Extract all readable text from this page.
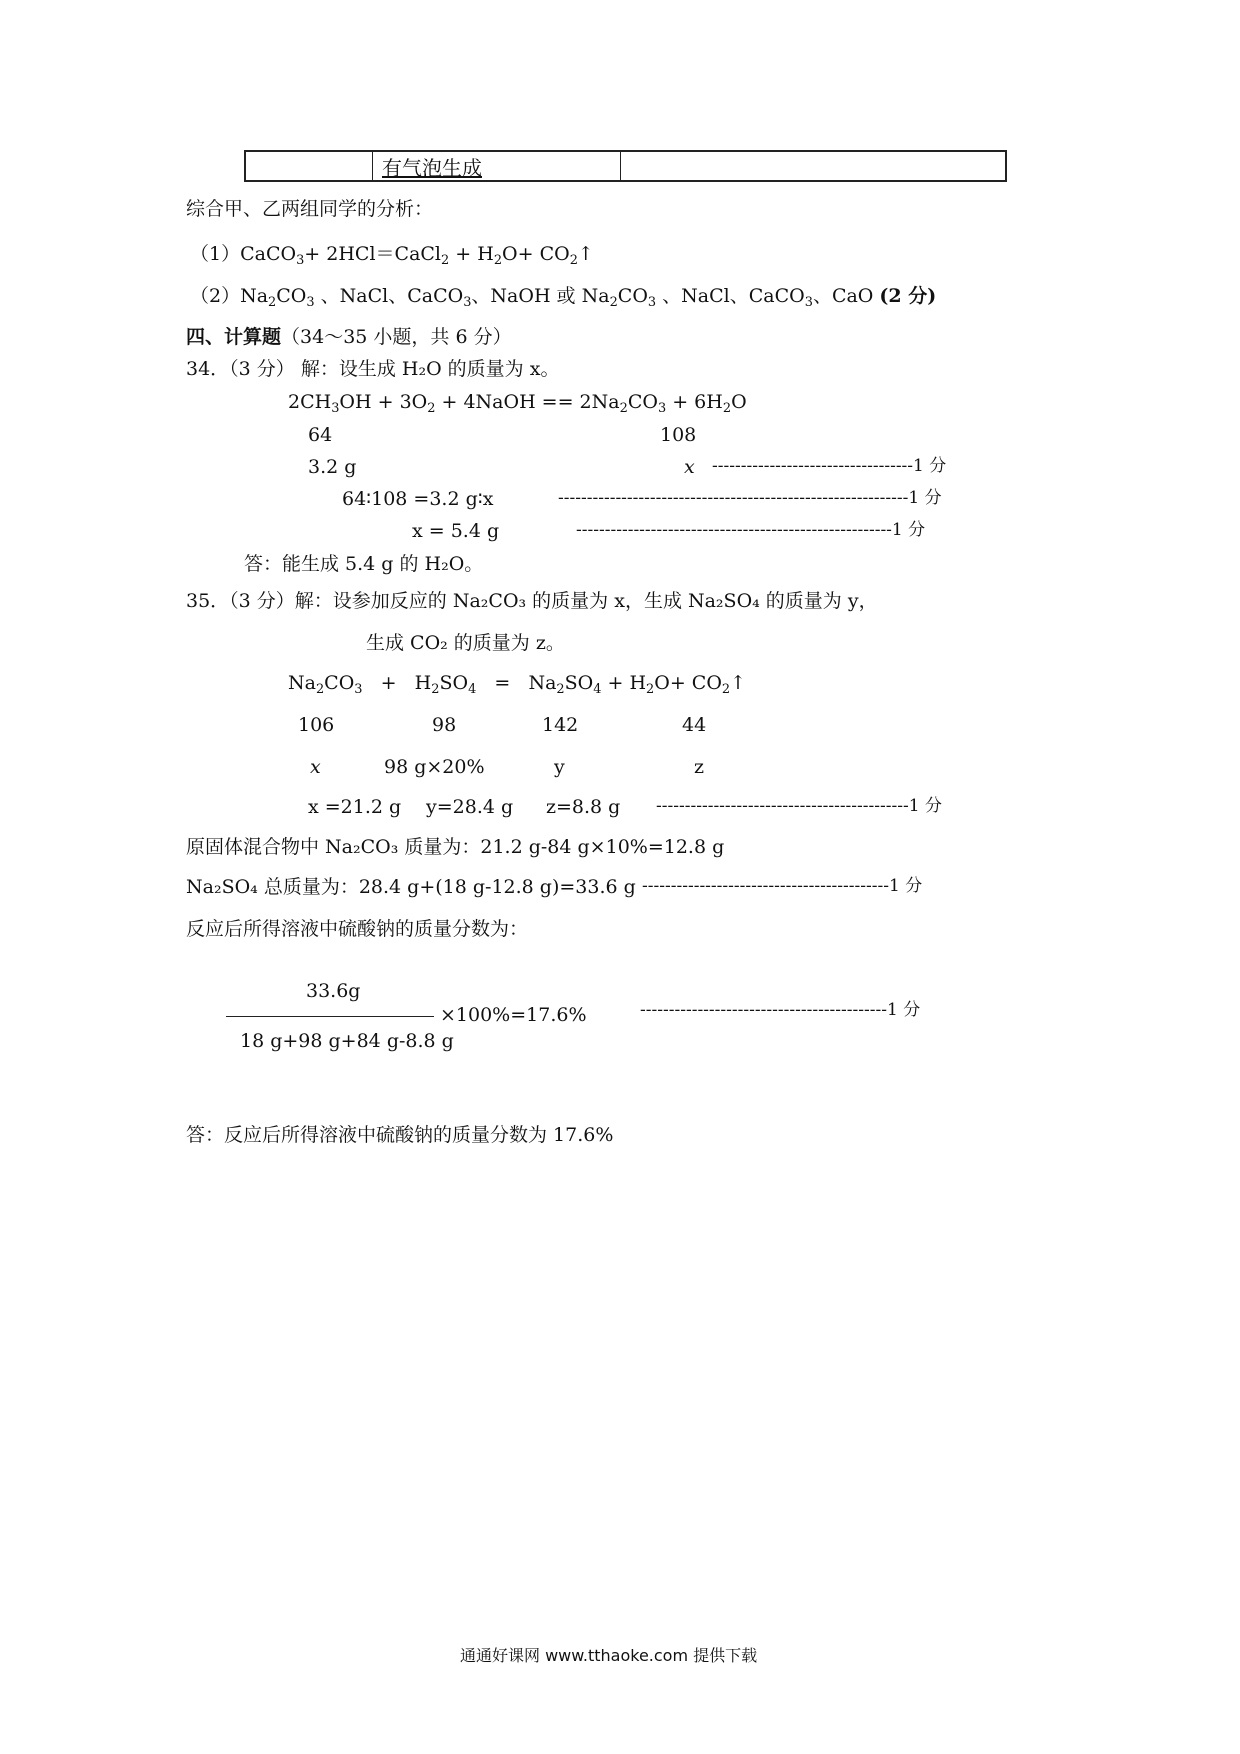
有气泡生成
综合甲、乙两组同学的分析：
（1）CaCO$_3$+ 2HCl＝CaCl$_2$ + $H_2O+$ $CO_2↑$
$(2)Na_2CO_3$ 、NaCl、CaCO$_3$、NaOH 或 $Na_2CO_3$ 、NaCl、CaCO$_3$、CaO (2 分)
四、计算题（34～35 小题，共 6 分）
34．（3 分） 解：设生成 H₂O 的质量为 x。
$2CH_3OH + 3O_2$ + 4NaOH == $2Na_2CO_3 + 6H_2O$
64	108
3.2 g	x -----------------------------------1 分
64∶108 =3.2 g∶x	-------------------------------------------------------------1 分
x = 5.4 g	-------------------------------------------------------1 分
答：能生成 5.4 g 的 H₂O。
35．（3 分）解：设参加反应的 Na₂CO₃ 的质量为 x，生成 Na₂SO₄ 的质量为 y，
生成 CO₂ 的质量为 z。
$Na_2CO_3 + H_2SO_4 = Na_2SO_4 + H_2O+$ $CO_2↑$
106	98	142	44
x	98 g×20%	y	z
x =21.2 g y=28.4 g z=8.8 g --------------------------------------------1 分
原固体混合物中 Na₂CO₃ 质量为：21.2 g-84 g×10%=12.8 g
Na₂SO₄ 总质量为：28.4 g+(18 g-12.8 g)=33.6 g -------------------------------------------1 分
反应后所得溶液中硫酸钠的质量分数为：
33.6g
×100%=17.6%	-------------------------------------------1 分
18 g+98 g+84 g-8.8 g
答：反应后所得溶液中硫酸钠的质量分数为 17.6%
通通好课网 www.tthaoke.com 提供下载
